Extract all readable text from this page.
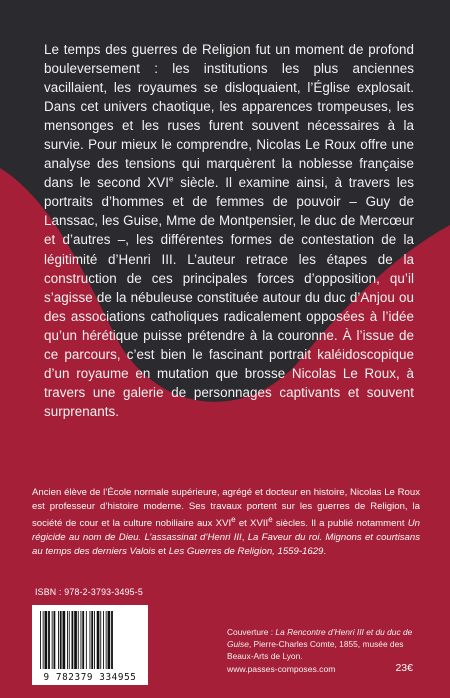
Le temps des guerres de Religion fut un moment de profond bouleversement : les institutions les plus anciennes vacillaient, les royaumes se disloquaient, l’Église explosait. Dans cet univers chaotique, les apparences trompeuses, les mensonges et les ruses furent souvent nécessaires à la survie. Pour mieux le comprendre, Nicolas Le Roux offre une analyse des tensions qui marquèrent la noblesse française dans le second XVIe siècle. Il examine ainsi, à travers les portraits d’hommes et de femmes de pouvoir – Guy de Lanssac, les Guise, Mme de Montpensier, le duc de Mercœur et d’autres –, les différentes formes de contestation de la légitimité d’Henri III. L’auteur retrace les étapes de la construction de ces principales forces d’opposition, qu’il s’agisse de la nébuleuse constituée autour du duc d’Anjou ou des associations catholiques radicalement opposées à l’idée qu’un hérétique puisse prétendre à la couronne. À l’issue de ce parcours, c’est bien le fascinant portrait kaléidoscopique d’un royaume en mutation que brosse Nicolas Le Roux, à travers une galerie de personnages captivants et souvent surprenants.
Ancien élève de l’École normale supérieure, agrégé et docteur en histoire, Nicolas Le Roux est professeur d’histoire moderne. Ses travaux portent sur les guerres de Religion, la société de cour et la culture nobiliaire aux XVIe et XVIIe siècles. Il a publié notamment Un régicide au nom de Dieu. L’assassinat d’Henri III, La Faveur du roi. Mignons et courtisans au temps des derniers Valois et Les Guerres de Religion, 1559-1629.
ISBN : 978-2-3793-3495-5
9 782379 334955
Couverture : La Rencontre d’Henri III et du duc de Guise, Pierre-Charles Comte, 1855, musée des Beaux-Arts de Lyon.
www.passes-composes.com	23€
